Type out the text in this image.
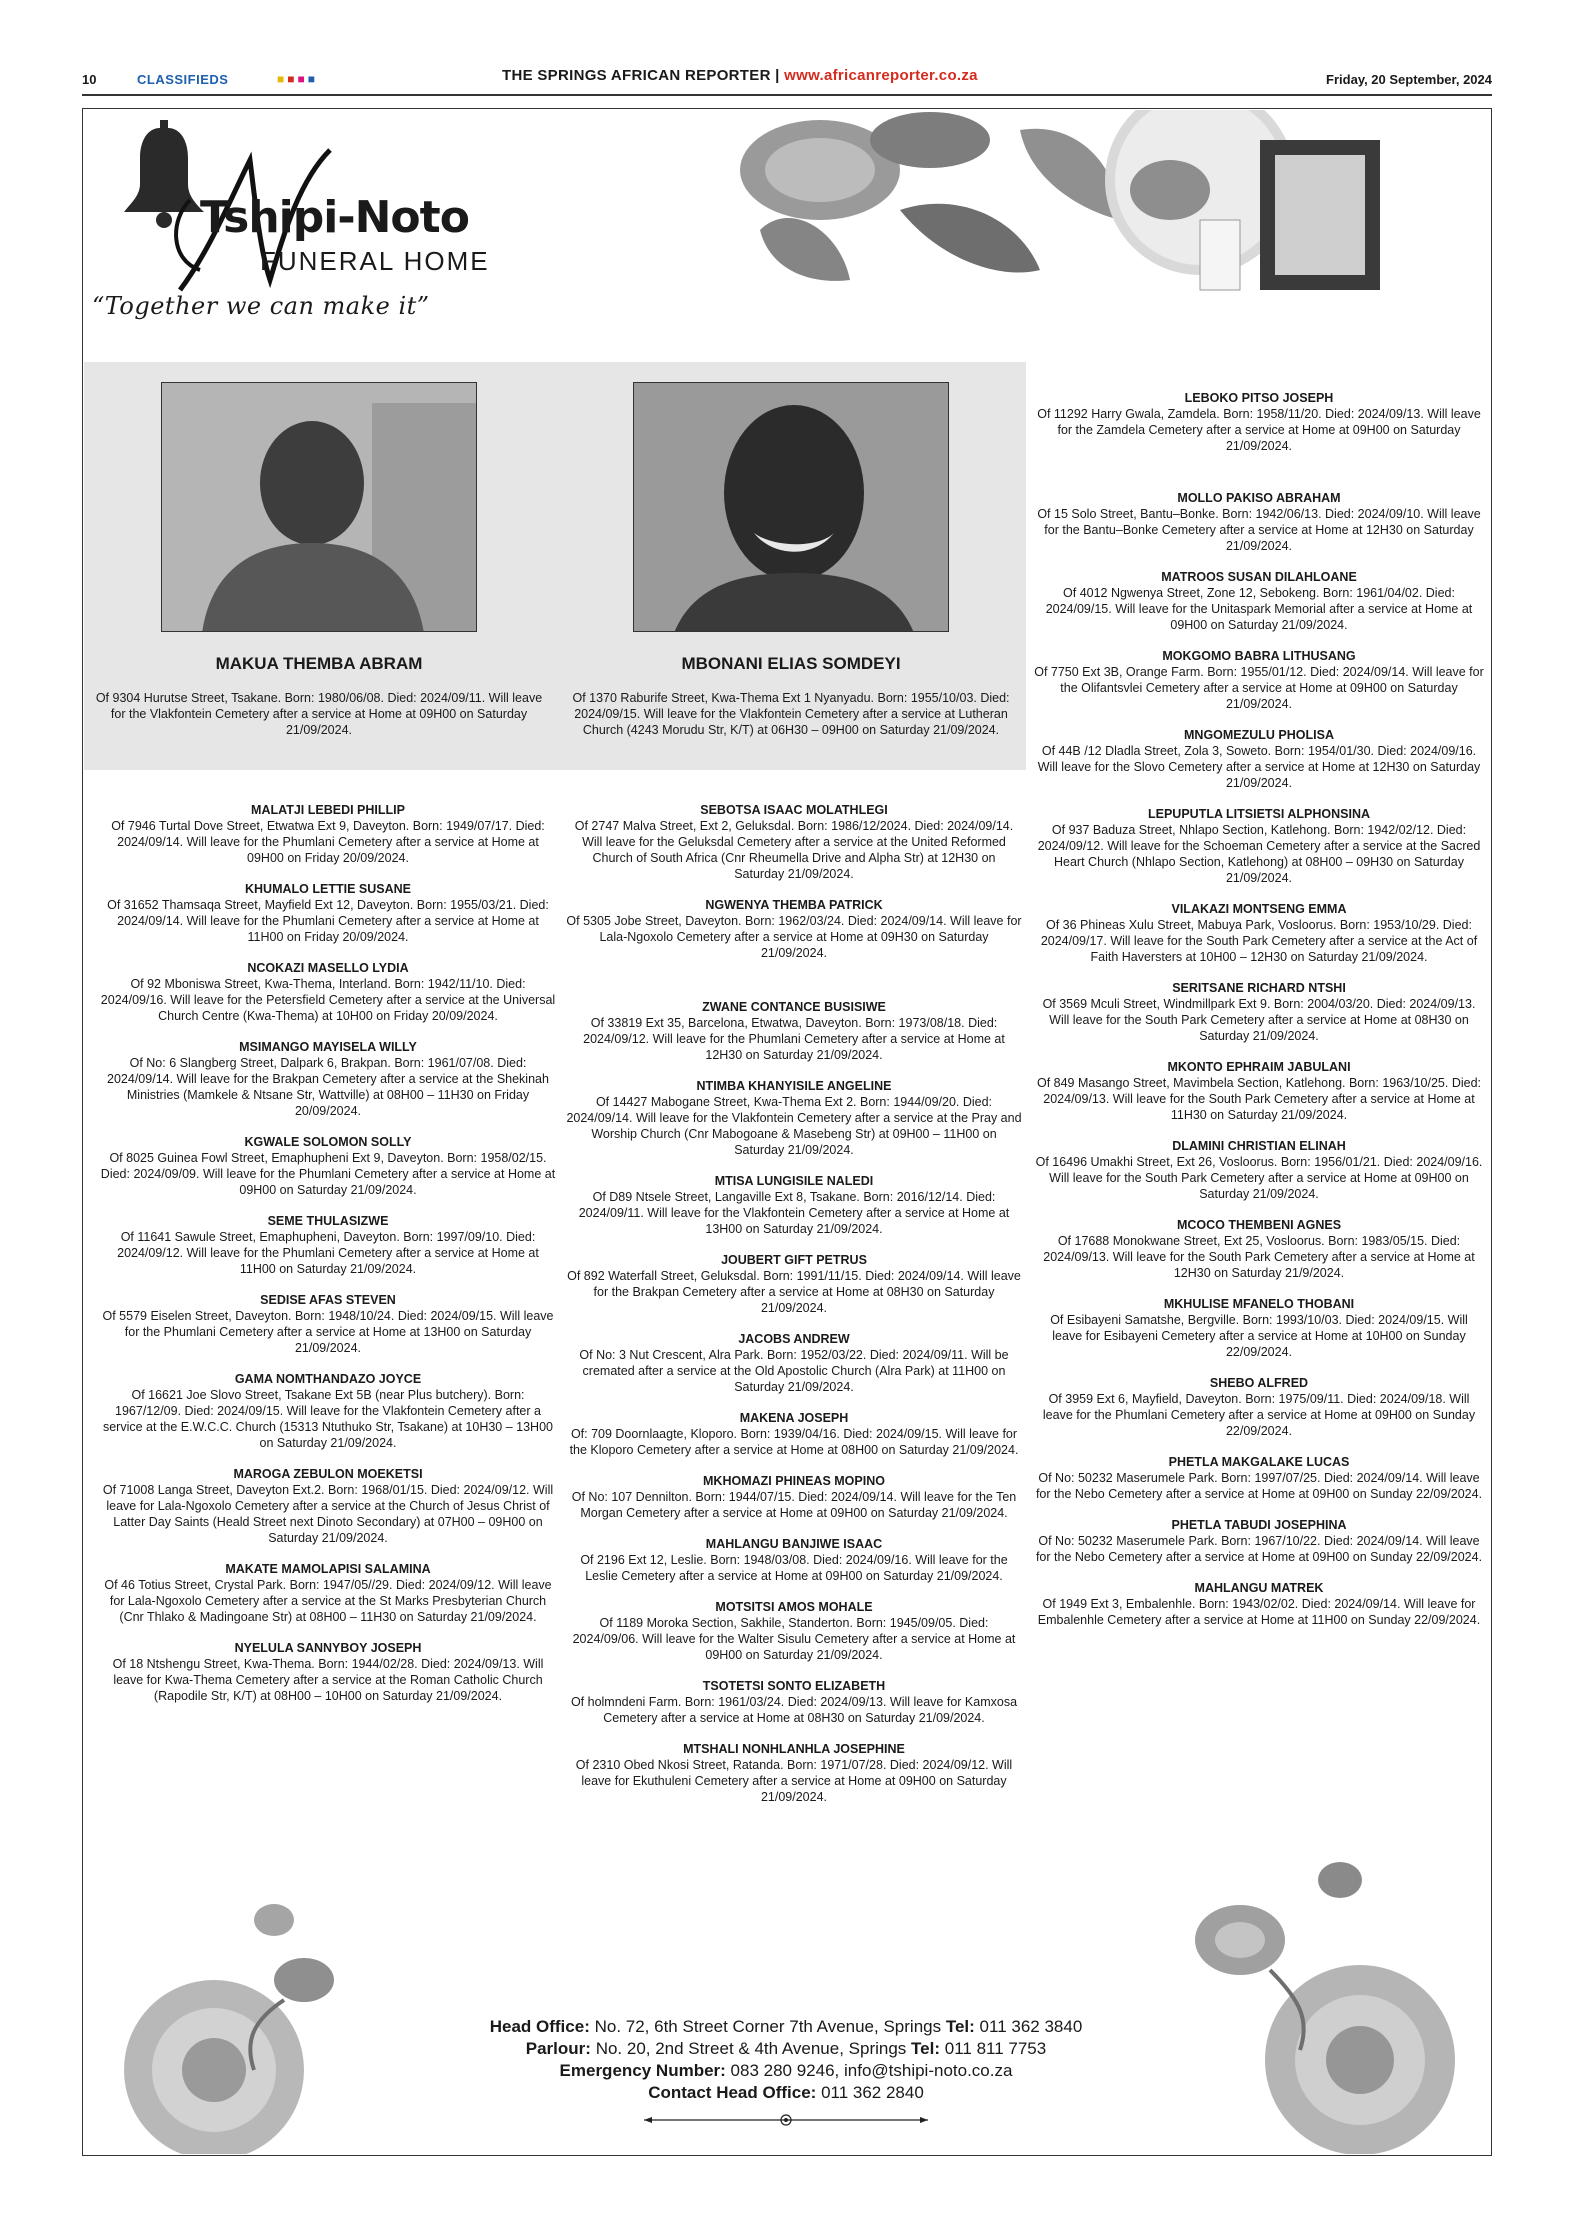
10	CLASSIFIEDS	■■■■	THE SPRINGS AFRICAN REPORTER | www.africanreporter.co.za	Friday, 20 September, 2024
Tshipi-Noto
FUNERAL HOME
“Together we can make it”
MAKUA THEMBA ABRAM
Of 9304 Hurutse Street, Tsakane. Born: 1980/06/08. Died: 2024/09/11. Will leave for the Vlakfontein Cemetery after a service at Home at 09H00 on Saturday 21/09/2024.
MBONANI ELIAS SOMDEYI
Of 1370 Raburife Street, Kwa-Thema Ext 1 Nyanyadu. Born: 1955/10/03. Died: 2024/09/15. Will leave for the Vlakfontein Cemetery after a service at Lutheran Church (4243 Morudu Str, K/T) at 06H30 – 09H00 on Saturday 21/09/2024.
MALATJI LEBEDI PHILLIP
Of 7946 Turtal Dove Street, Etwatwa Ext 9, Daveyton. Born: 1949/07/17. Died: 2024/09/14. Will leave for the Phumlani Cemetery after a service at Home at 09H00 on Friday 20/09/2024.
KHUMALO LETTIE SUSANE
Of 31652 Thamsaqa Street, Mayfield Ext 12, Daveyton. Born: 1955/03/21. Died: 2024/09/14. Will leave for the Phumlani Cemetery after a service at Home at 11H00 on Friday 20/09/2024.
NCOKAZI MASELLO LYDIA
Of 92 Mboniswa Street, Kwa-Thema, Interland. Born: 1942/11/10. Died: 2024/09/16. Will leave for the Petersfield Cemetery after a service at the Universal Church Centre (Kwa-Thema) at 10H00 on Friday 20/09/2024.
MSIMANGO MAYISELA WILLY
Of No: 6 Slangberg Street, Dalpark 6, Brakpan. Born: 1961/07/08. Died: 2024/09/14. Will leave for the Brakpan Cemetery after a service at the Shekinah Ministries (Mamkele & Ntsane Str, Wattville) at 08H00 – 11H30 on Friday 20/09/2024.
KGWALE SOLOMON SOLLY
Of 8025 Guinea Fowl Street, Emaphupheni Ext 9, Daveyton. Born: 1958/02/15. Died: 2024/09/09. Will leave for the Phumlani Cemetery after a service at Home at 09H00 on Saturday 21/09/2024.
SEME THULASIZWE
Of 11641 Sawule Street, Emaphupheni, Daveyton. Born: 1997/09/10. Died: 2024/09/12. Will leave for the Phumlani Cemetery after a service at Home at 11H00 on Saturday 21/09/2024.
SEDISE AFAS STEVEN
Of 5579 Eiselen Street, Daveyton. Born: 1948/10/24. Died: 2024/09/15. Will leave for the Phumlani Cemetery after a service at Home at 13H00 on Saturday 21/09/2024.
GAMA NOMTHANDAZO JOYCE
Of 16621 Joe Slovo Street, Tsakane Ext 5B (near Plus butchery). Born: 1967/12/09. Died: 2024/09/15. Will leave for the Vlakfontein Cemetery after a service at the E.W.C.C. Church (15313 Ntuthuko Str, Tsakane) at 10H30 – 13H00 on Saturday 21/09/2024.
MAROGA ZEBULON MOEKETSI
Of 71008 Langa Street, Daveyton Ext.2. Born: 1968/01/15. Died: 2024/09/12. Will leave for Lala-Ngoxolo Cemetery after a service at the Church of Jesus Christ of Latter Day Saints (Heald Street next Dinoto Secondary) at 07H00 – 09H00 on Saturday 21/09/2024.
MAKATE MAMOLAPISI SALAMINA
Of 46 Totius Street, Crystal Park. Born: 1947/05//29. Died: 2024/09/12. Will leave for Lala-Ngoxolo Cemetery after a service at the St Marks Presbyterian Church (Cnr Thlako & Madingoane Str) at 08H00 – 11H30 on Saturday 21/09/2024.
NYELULA SANNYBOY JOSEPH
Of 18 Ntshengu Street, Kwa-Thema. Born: 1944/02/28. Died: 2024/09/13. Will leave for Kwa-Thema Cemetery after a service at the Roman Catholic Church (Rapodile Str, K/T) at 08H00 – 10H00 on Saturday 21/09/2024.
SEBOTSA ISAAC MOLATHLEGI
Of 2747 Malva Street, Ext 2, Geluksdal. Born: 1986/12/2024. Died: 2024/09/14. Will leave for the Geluksdal Cemetery after a service at the United Reformed Church of South Africa (Cnr Rheumella Drive and Alpha Str) at 12H30 on Saturday 21/09/2024.
NGWENYA THEMBA PATRICK
Of 5305 Jobe Street, Daveyton. Born: 1962/03/24. Died: 2024/09/14. Will leave for Lala-Ngoxolo Cemetery after a service at Home at 09H30 on Saturday 21/09/2024.
ZWANE CONTANCE BUSISIWE
Of 33819 Ext 35, Barcelona, Etwatwa, Daveyton. Born: 1973/08/18. Died: 2024/09/12. Will leave for the Phumlani Cemetery after a service at Home at 12H30 on Saturday 21/09/2024.
NTIMBA KHANYISILE ANGELINE
Of 14427 Mabogane Street, Kwa-Thema Ext 2. Born: 1944/09/20. Died: 2024/09/14. Will leave for the Vlakfontein Cemetery after a service at the Pray and Worship Church (Cnr Mabogoane & Masebeng Str) at 09H00 – 11H00 on Saturday 21/09/2024.
MTISA LUNGISILE NALEDI
Of D89 Ntsele Street, Langaville Ext 8, Tsakane. Born: 2016/12/14. Died: 2024/09/11. Will leave for the Vlakfontein Cemetery after a service at Home at 13H00 on Saturday 21/09/2024.
JOUBERT GIFT PETRUS
Of 892 Waterfall Street, Geluksdal. Born: 1991/11/15. Died: 2024/09/14. Will leave for the Brakpan Cemetery after a service at Home at 08H30 on Saturday 21/09/2024.
JACOBS ANDREW
Of No: 3 Nut Crescent, Alra Park. Born: 1952/03/22. Died: 2024/09/11. Will be cremated after a service at the Old Apostolic Church (Alra Park) at 11H00 on Saturday 21/09/2024.
MAKENA JOSEPH
Of: 709 Doornlaagte, Kloporo. Born: 1939/04/16. Died: 2024/09/15. Will leave for the Kloporo Cemetery after a service at Home at 08H00 on Saturday 21/09/2024.
MKHOMAZI PHINEAS MOPINO
Of No: 107 Dennilton. Born: 1944/07/15. Died: 2024/09/14. Will leave for the Ten Morgan Cemetery after a service at Home at 09H00 on Saturday 21/09/2024.
MAHLANGU BANJIWE ISAAC
Of 2196 Ext 12, Leslie. Born: 1948/03/08. Died: 2024/09/16. Will leave for the Leslie Cemetery after a service at Home at 09H00 on Saturday 21/09/2024.
MOTSITSI AMOS MOHALE
Of 1189 Moroka Section, Sakhile, Standerton. Born: 1945/09/05. Died: 2024/09/06. Will leave for the Walter Sisulu Cemetery after a service at Home at 09H00 on Saturday 21/09/2024.
TSOTETSI SONTO ELIZABETH
Of holmndeni Farm. Born: 1961/03/24. Died: 2024/09/13. Will leave for Kamxosa Cemetery after a service at Home at 08H30 on Saturday 21/09/2024.
MTSHALI NONHLANHLA JOSEPHINE
Of 2310 Obed Nkosi Street, Ratanda. Born: 1971/07/28. Died: 2024/09/12. Will leave for Ekuthuleni Cemetery after a service at Home at 09H00 on Saturday 21/09/2024.
LEBOKO PITSO JOSEPH
Of 11292 Harry Gwala, Zamdela. Born: 1958/11/20. Died: 2024/09/13. Will leave for the Zamdela Cemetery after a service at Home at 09H00 on Saturday 21/09/2024.
MOLLO PAKISO ABRAHAM
Of 15 Solo Street, Bantu–Bonke. Born: 1942/06/13. Died: 2024/09/10. Will leave for the Bantu–Bonke Cemetery after a service at Home at 12H30 on Saturday 21/09/2024.
MATROOS SUSAN DILAHLOANE
Of 4012 Ngwenya Street, Zone 12, Sebokeng. Born: 1961/04/02. Died: 2024/09/15. Will leave for the Unitaspark Memorial after a service at Home at 09H00 on Saturday 21/09/2024.
MOKGOMO BABRA LITHUSANG
Of 7750 Ext 3B, Orange Farm. Born: 1955/01/12. Died: 2024/09/14. Will leave for the Olifantsvlei Cemetery after a service at Home at 09H00 on Saturday 21/09/2024.
MNGOMEZULU PHOLISA
Of 44B /12 Dladla Street, Zola 3, Soweto. Born: 1954/01/30. Died: 2024/09/16. Will leave for the Slovo Cemetery after a service at Home at 12H30 on Saturday 21/09/2024.
LEPUPUTLA LITSIETSI ALPHONSINA
Of 937 Baduza Street, Nhlapo Section, Katlehong. Born: 1942/02/12. Died: 2024/09/12. Will leave for the Schoeman Cemetery after a service at the Sacred Heart Church (Nhlapo Section, Katlehong) at 08H00 – 09H30 on Saturday 21/09/2024.
VILAKAZI MONTSENG EMMA
Of 36 Phineas Xulu Street, Mabuya Park, Vosloorus. Born: 1953/10/29. Died: 2024/09/17. Will leave for the South Park Cemetery after a service at the Act of Faith Haversters at 10H00 – 12H30 on Saturday 21/09/2024.
SERITSANE RICHARD NTSHI
Of 3569 Mculi Street, Windmillpark Ext 9. Born: 2004/03/20. Died: 2024/09/13. Will leave for the South Park Cemetery after a service at Home at 08H30 on Saturday 21/09/2024.
MKONTO EPHRAIM JABULANI
Of 849 Masango Street, Mavimbela Section, Katlehong. Born: 1963/10/25. Died: 2024/09/13. Will leave for the South Park Cemetery after a service at Home at 11H30 on Saturday 21/09/2024.
DLAMINI CHRISTIAN ELINAH
Of 16496 Umakhi Street, Ext 26, Vosloorus. Born: 1956/01/21. Died: 2024/09/16. Will leave for the South Park Cemetery after a service at Home at 09H00 on Saturday 21/09/2024.
MCOCO THEMBENI AGNES
Of 17688 Monokwane Street, Ext 25, Vosloorus. Born: 1983/05/15. Died: 2024/09/13. Will leave for the South Park Cemetery after a service at Home at 12H30 on Saturday 21/9/2024.
MKHULISE MFANELO THOBANI
Of Esibayeni Samatshe, Bergville. Born: 1993/10/03. Died: 2024/09/15. Will leave for Esibayeni Cemetery after a service at Home at 10H00 on Sunday 22/09/2024.
SHEBO ALFRED
Of 3959 Ext 6, Mayfield, Daveyton. Born: 1975/09/11. Died: 2024/09/18. Will leave for the Phumlani Cemetery after a service at Home at 09H00 on Sunday 22/09/2024.
PHETLA MAKGALAKE LUCAS
Of No: 50232 Maserumele Park. Born: 1997/07/25. Died: 2024/09/14. Will leave for the Nebo Cemetery after a service at Home at 09H00 on Sunday 22/09/2024.
PHETLA TABUDI JOSEPHINA
Of No: 50232 Maserumele Park. Born: 1967/10/22. Died: 2024/09/14. Will leave for the Nebo Cemetery after a service at Home at 09H00 on Sunday 22/09/2024.
MAHLANGU MATREK
Of 1949 Ext 3, Embalenhle. Born: 1943/02/02. Died: 2024/09/14. Will leave for Embalenhle Cemetery after a service at Home at 11H00 on Sunday 22/09/2024.
Head Office: No. 72, 6th Street Corner 7th Avenue, Springs Tel: 011 362 3840
Parlour: No. 20, 2nd Street & 4th Avenue, Springs Tel: 011 811 7753
Emergency Number: 083 280 9246, info@tshipi-noto.co.za
Contact Head Office: 011 362 2840
